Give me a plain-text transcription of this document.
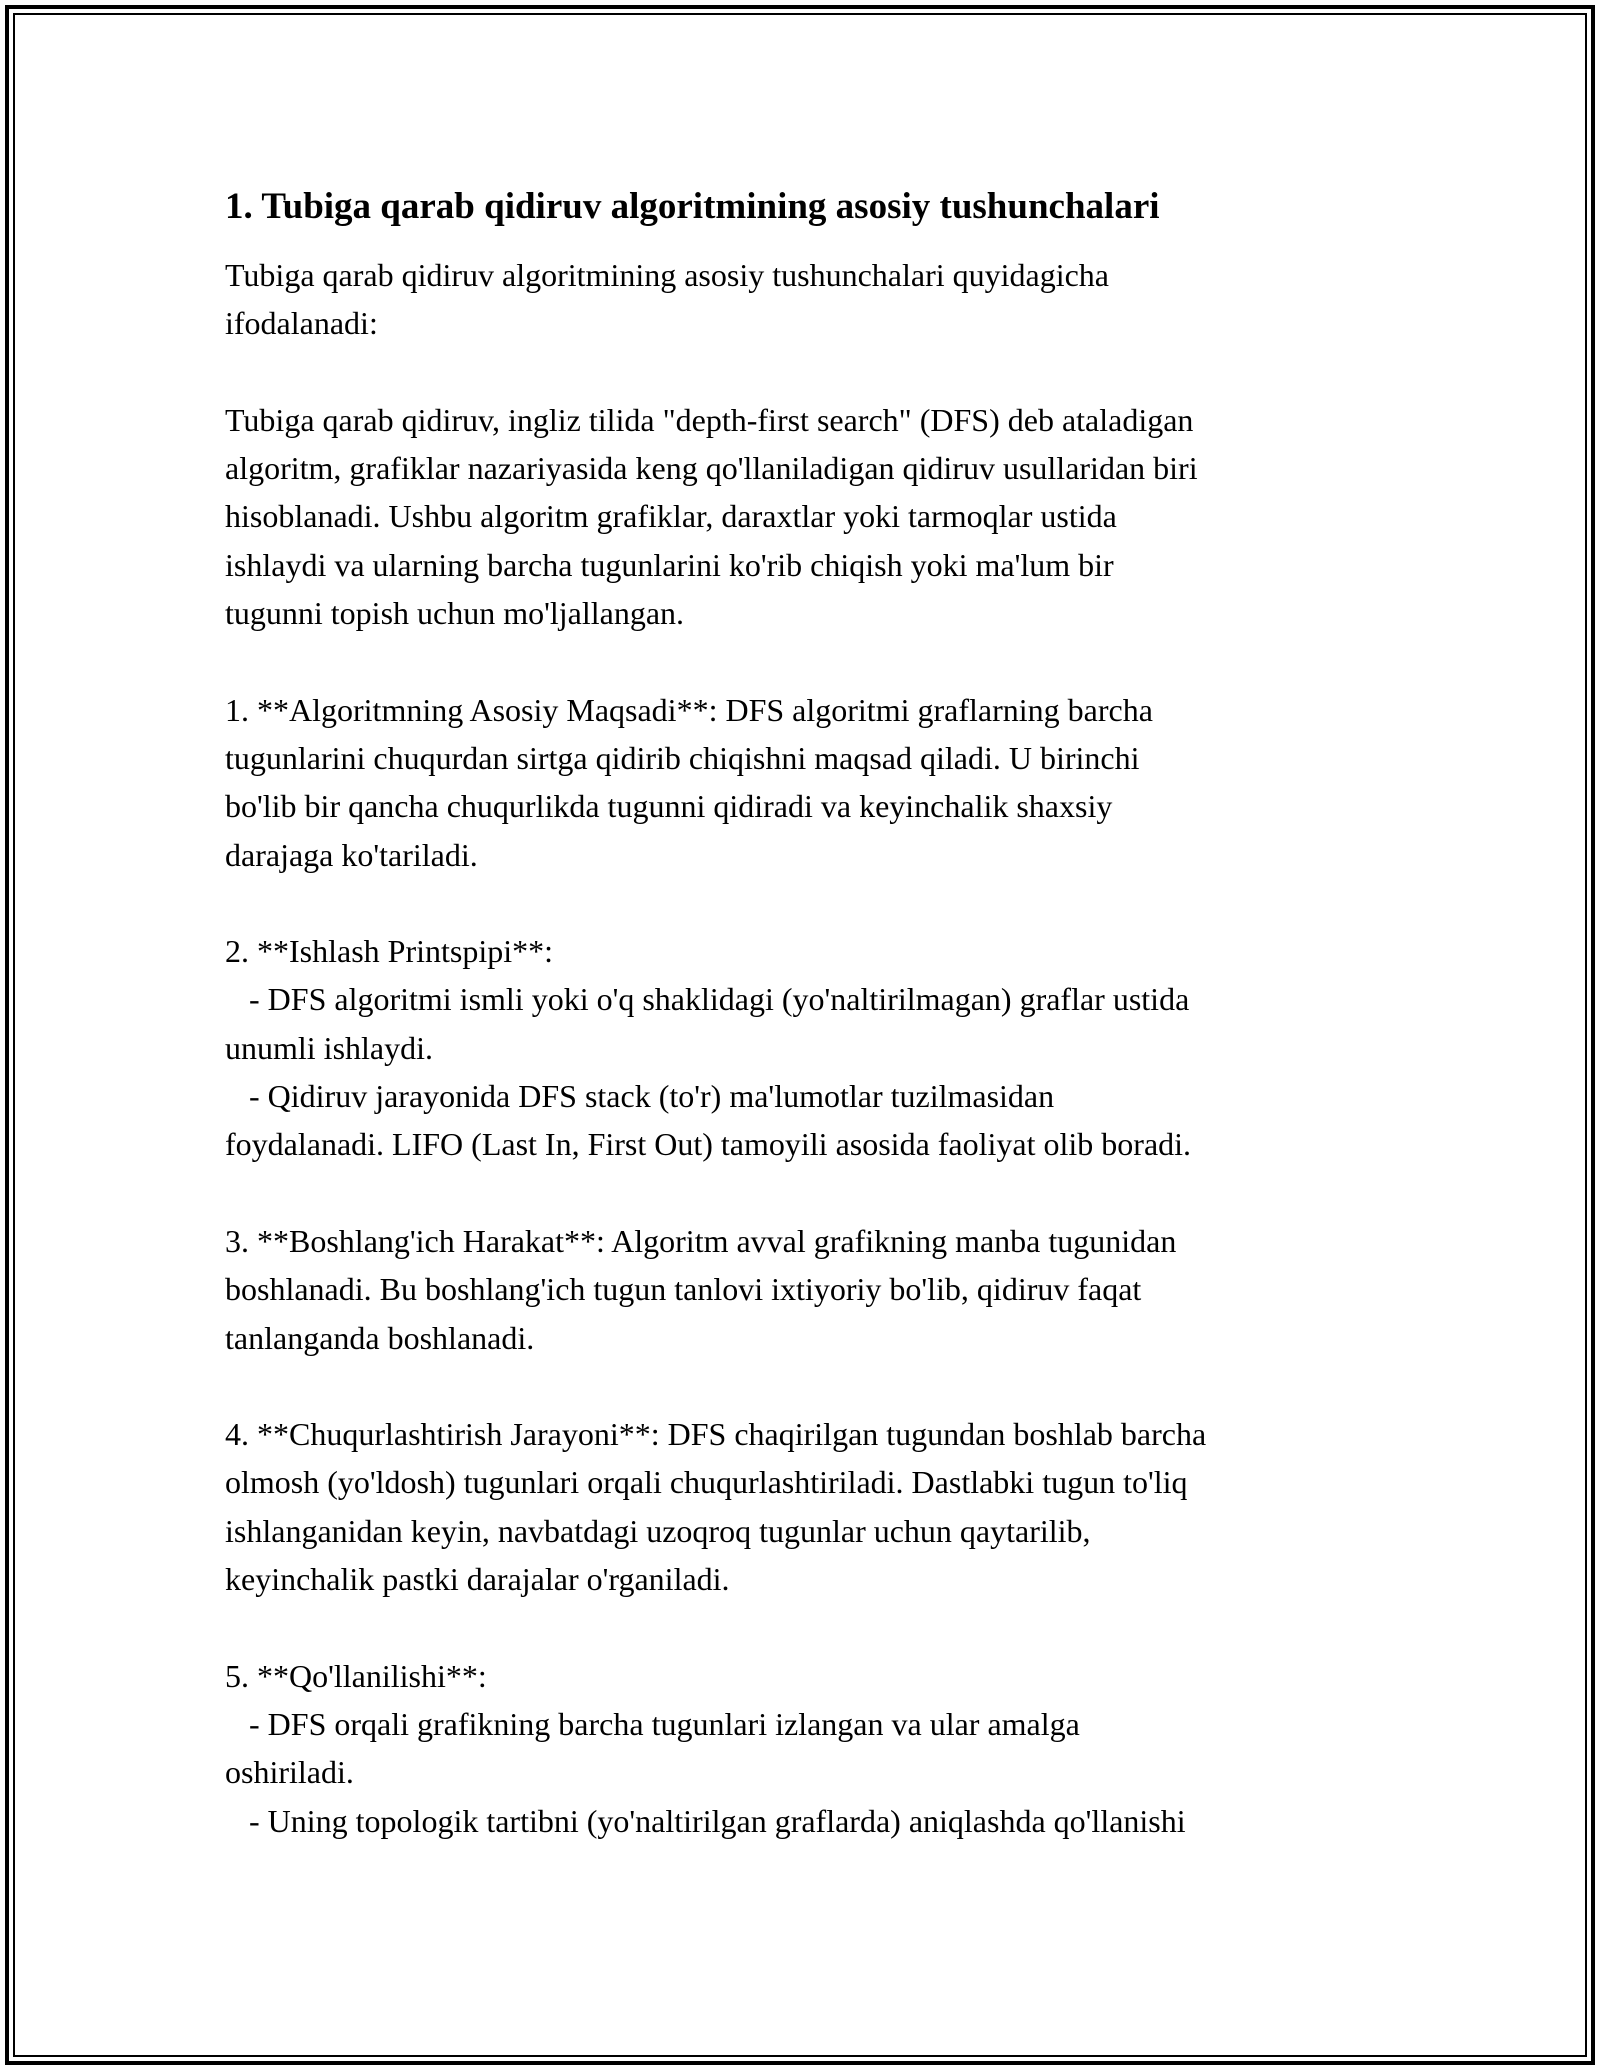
1. Tubiga qarab qidiruv algoritmining asosiy tushunchalari

Tubiga qarab qidiruv algoritmining asosiy tushunchalari quyidagicha

ifodalanadi:

Tubiga qarab qidiruv, ingliz tilida "depth-first search" (DFS) deb ataladigan

algoritm, grafiklar nazariyasida keng qo'llaniladigan qidiruv usullaridan biri

hisoblanadi. Ushbu algoritm grafiklar, daraxtlar yoki tarmoqlar ustida

ishlaydi va ularning barcha tugunlarini ko'rib chiqish yoki ma'lum bir

tugunni topish uchun mo'ljallangan.

1. **Algoritmning Asosiy Maqsadi**: DFS algoritmi graflarning barcha

tugunlarini chuqurdan sirtga qidirib chiqishni maqsad qiladi. U birinchi

bo'lib bir qancha chuqurlikda tugunni qidiradi va keyinchalik shaxsiy

darajaga ko'tariladi.

2. **Ishlash Printspipi**:

- DFS algoritmi ismli yoki o'q shaklidagi (yo'naltirilmagan) graflar ustida

unumli ishlaydi.

- Qidiruv jarayonida DFS stack (to'r) ma'lumotlar tuzilmasidan

foydalanadi. LIFO (Last In, First Out) tamoyili asosida faoliyat olib boradi.

3. **Boshlang'ich Harakat**: Algoritm avval grafikning manba tugunidan

boshlanadi. Bu boshlang'ich tugun tanlovi ixtiyoriy bo'lib, qidiruv faqat

tanlanganda boshlanadi.

4. **Chuqurlashtirish Jarayoni**: DFS chaqirilgan tugundan boshlab barcha

olmosh (yo'ldosh) tugunlari orqali chuqurlashtiriladi. Dastlabki tugun to'liq

ishlanganidan keyin, navbatdagi uzoqroq tugunlar uchun qaytarilib,

keyinchalik pastki darajalar o'rganiladi.

5. **Qo'llanilishi**:

- DFS orqali grafikning barcha tugunlari izlangan va ular amalga

oshiriladi.

- Uning topologik tartibni (yo'naltirilgan graflarda) aniqlashda qo'llanishi
